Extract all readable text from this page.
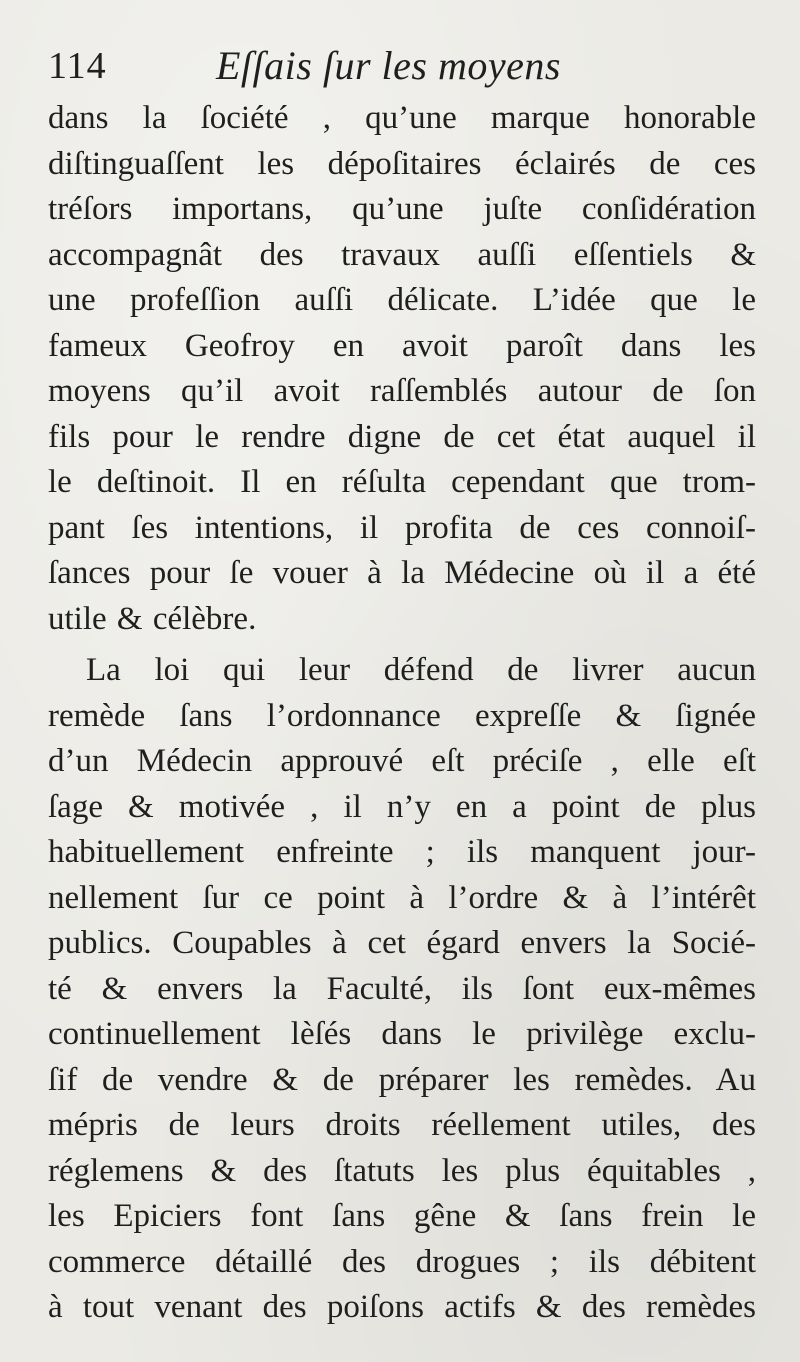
114	Eſſais ſur les moyens
dans la ſociété , qu’une marque honorable
diſtinguaſſent les dépoſitaires éclairés de ces
tréſors importans, qu’une juſte conſidération
accompagnât des travaux auſſi eſſentiels &
une profeſſion auſſi délicate. L’idée que le
fameux Geofroy en avoit paroît dans les
moyens qu’il avoit raſſemblés autour de ſon
fils pour le rendre digne de cet état auquel il
le deſtinoit. Il en réſulta cependant que trom-
pant ſes intentions, il profita de ces connoiſ-
ſances pour ſe vouer à la Médecine où il a été
utile & célèbre.
La loi qui leur défend de livrer aucun
remède ſans l’ordonnance expreſſe & ſignée
d’un Médecin approuvé eſt préciſe , elle eſt
ſage & motivée , il n’y en a point de plus
habituellement enfreinte ; ils manquent jour-
nellement ſur ce point à l’ordre & à l’intérêt
publics. Coupables à cet égard envers la Socié-
té & envers la Faculté, ils ſont eux-mêmes
continuellement lèſés dans le privilège exclu-
ſif de vendre & de préparer les remèdes. Au
mépris de leurs droits réellement utiles, des
réglemens & des ſtatuts les plus équitables ,
les Epiciers font ſans gêne & ſans frein le
commerce détaillé des drogues ; ils débitent
à tout venant des poiſons actifs & des remèdes
